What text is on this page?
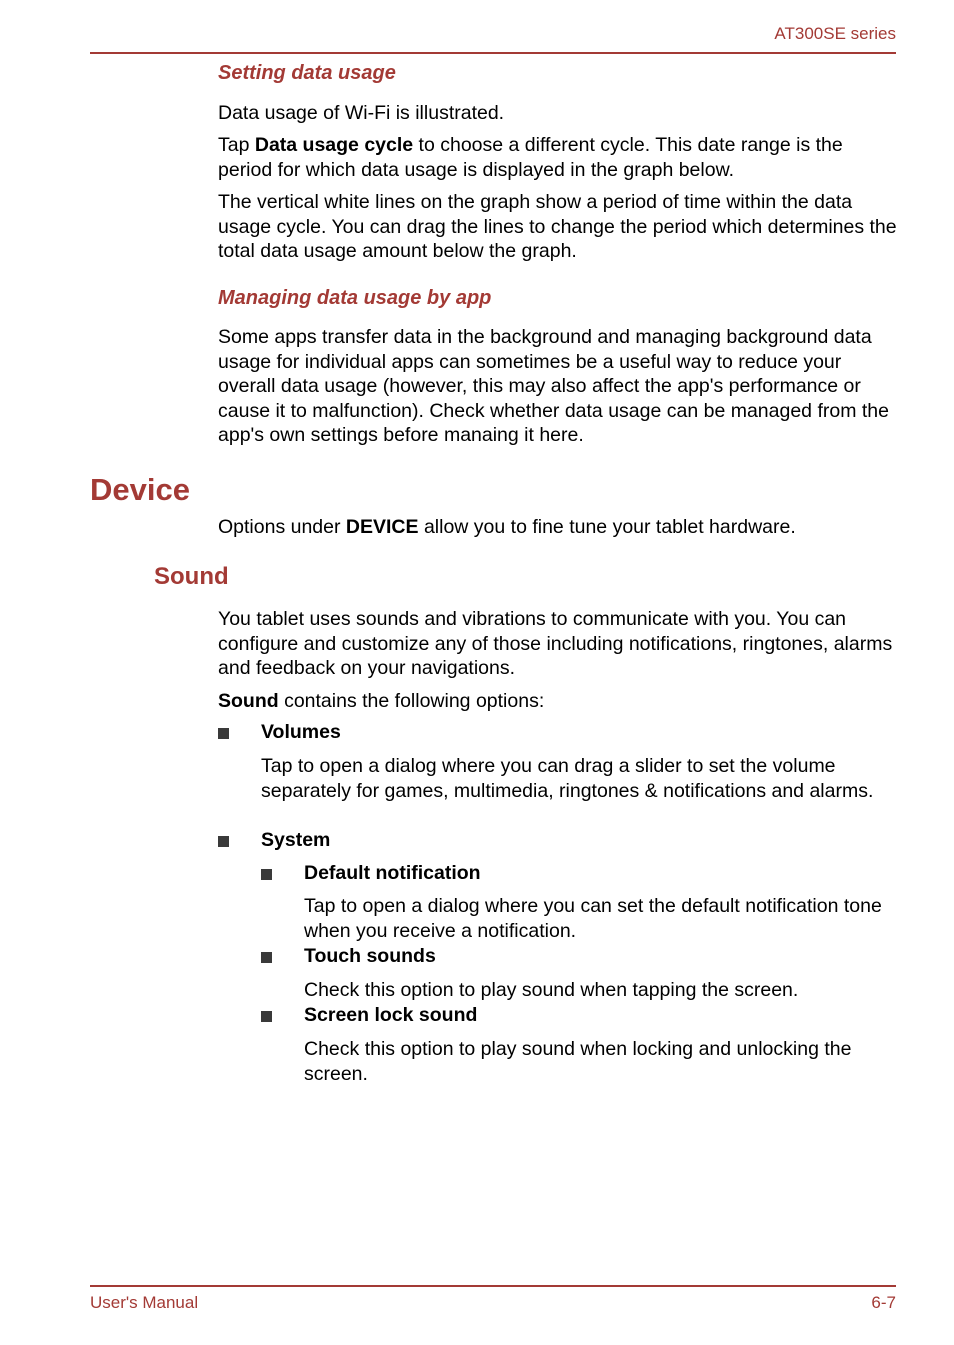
AT300SE series
Setting data usage

Data usage of Wi-Fi is illustrated.

Tap Data usage cycle to choose a different cycle. This date range is the period for which data usage is displayed in the graph below.

The vertical white lines on the graph show a period of time within the data usage cycle. You can drag the lines to change the period which determines the total data usage amount below the graph.

Managing data usage by app

Some apps transfer data in the background and managing background data usage for individual apps can sometimes be a useful way to reduce your overall data usage (however, this may also affect the app's performance or cause it to malfunction). Check whether data usage can be managed from the app's own settings before manaing it here.

Device

Options under DEVICE allow you to fine tune your tablet hardware.

Sound

You tablet uses sounds and vibrations to communicate with you. You can configure and customize any of those including notifications, ringtones, alarms and feedback on your navigations.

Sound contains the following options:

Volumes

Tap to open a dialog where you can drag a slider to set the volume separately for games, multimedia, ringtones & notifications and alarms.

System

Default notification

Tap to open a dialog where you can set the default notification tone when you receive a notification.

Touch sounds

Check this option to play sound when tapping the screen.

Screen lock sound

Check this option to play sound when locking and unlocking the screen.

User's Manual	6-7
